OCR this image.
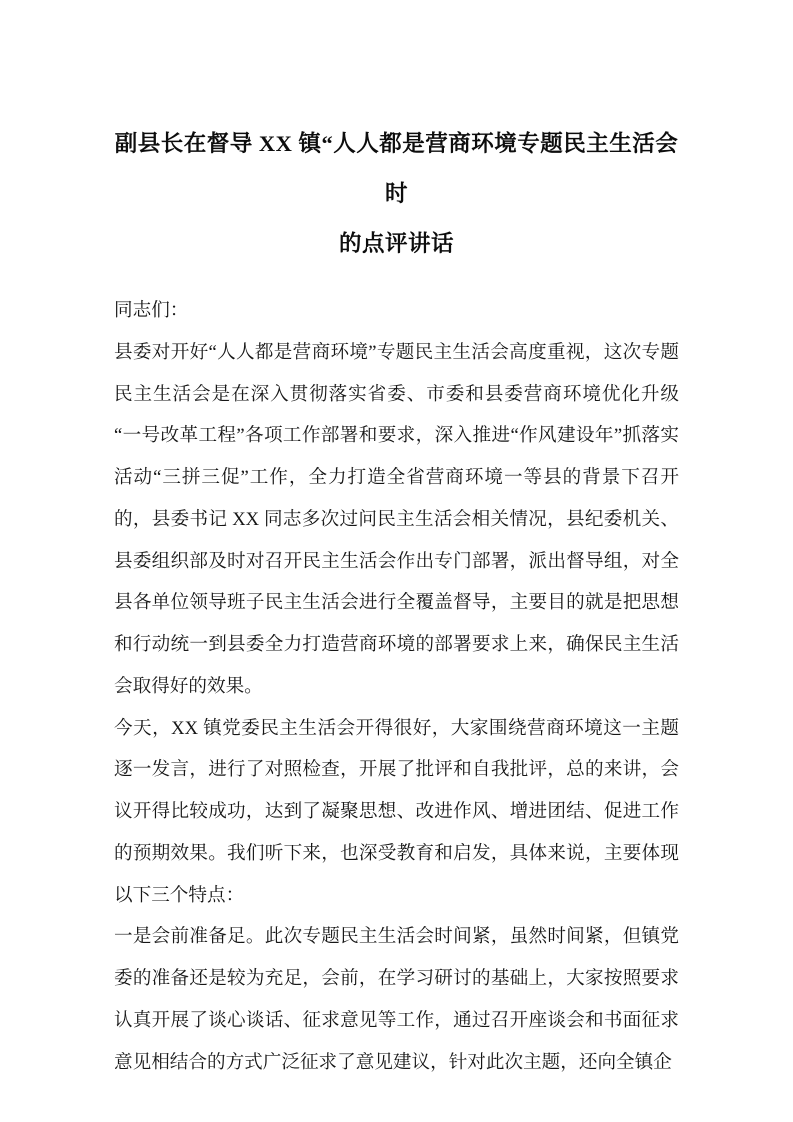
副县长在督导 XX 镇“人人都是营商环境专题民主生活会时
的点评讲话

同志们：

县委对开好“人人都是营商环境”专题民主生活会高度重视，这次专题民主生活会是在深入贯彻落实省委、市委和县委营商环境优化升级“一号改革工程”各项工作部署和要求，深入推进“作风建设年”抓落实活动“三拼三促”工作，全力打造全省营商环境一等县的背景下召开的，县委书记 XX 同志多次过问民主生活会相关情况，县纪委机关、县委组织部及时对召开民主生活会作出专门部署，派出督导组，对全县各单位领导班子民主生活会进行全覆盖督导，主要目的就是把思想和行动统一到县委全力打造营商环境的部署要求上来，确保民主生活会取得好的效果。

今天，XX 镇党委民主生活会开得很好，大家围绕营商环境这一主题逐一发言，进行了对照检查，开展了批评和自我批评，总的来讲，会议开得比较成功，达到了凝聚思想、改进作风、增进团结、促进工作的预期效果。我们听下来，也深受教育和启发，具体来说，主要体现以下三个特点：

一是会前准备足。此次专题民主生活会时间紧，虽然时间紧，但镇党委的准备还是较为充足，会前，在学习研讨的基础上，大家按照要求认真开展了谈心谈话、征求意见等工作，通过召开座谈会和书面征求意见相结合的方式广泛征求了意见建议，针对此次主题，还向全镇企
